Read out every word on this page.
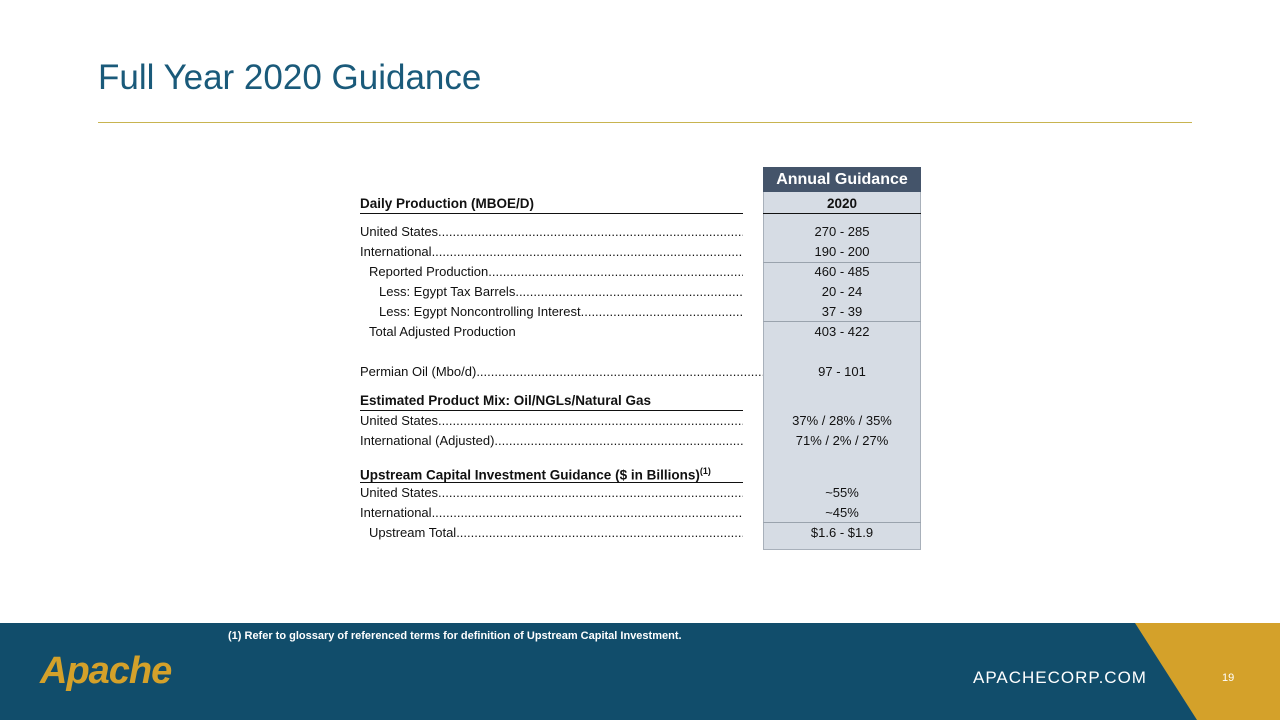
Full Year 2020 Guidance
Annual Guidance
Daily Production (MBOE/D)	2020
United States .....	270 - 285
International .....	190 - 200
Reported Production .....	460 - 485
Less: Egypt Tax Barrels .....	20 - 24
Less: Egypt Noncontrolling Interest .....	37 - 39
Total Adjusted Production	403 - 422
Permian Oil (Mbo/d) .....	97 - 101
Estimated Product Mix: Oil/NGLs/Natural Gas
United States .....	37% / 28% / 35%
International (Adjusted) .....	71% / 2% / 27%
Upstream Capital Investment Guidance ($ in Billions)$^{(1)}$
United States .....	~55%
International .....	~45%
Upstream Total .....	$1.6 - $1.9
(1) Refer to glossary of referenced terms for definition of Upstream Capital Investment.
Apache	APACHECORP.COM	19
